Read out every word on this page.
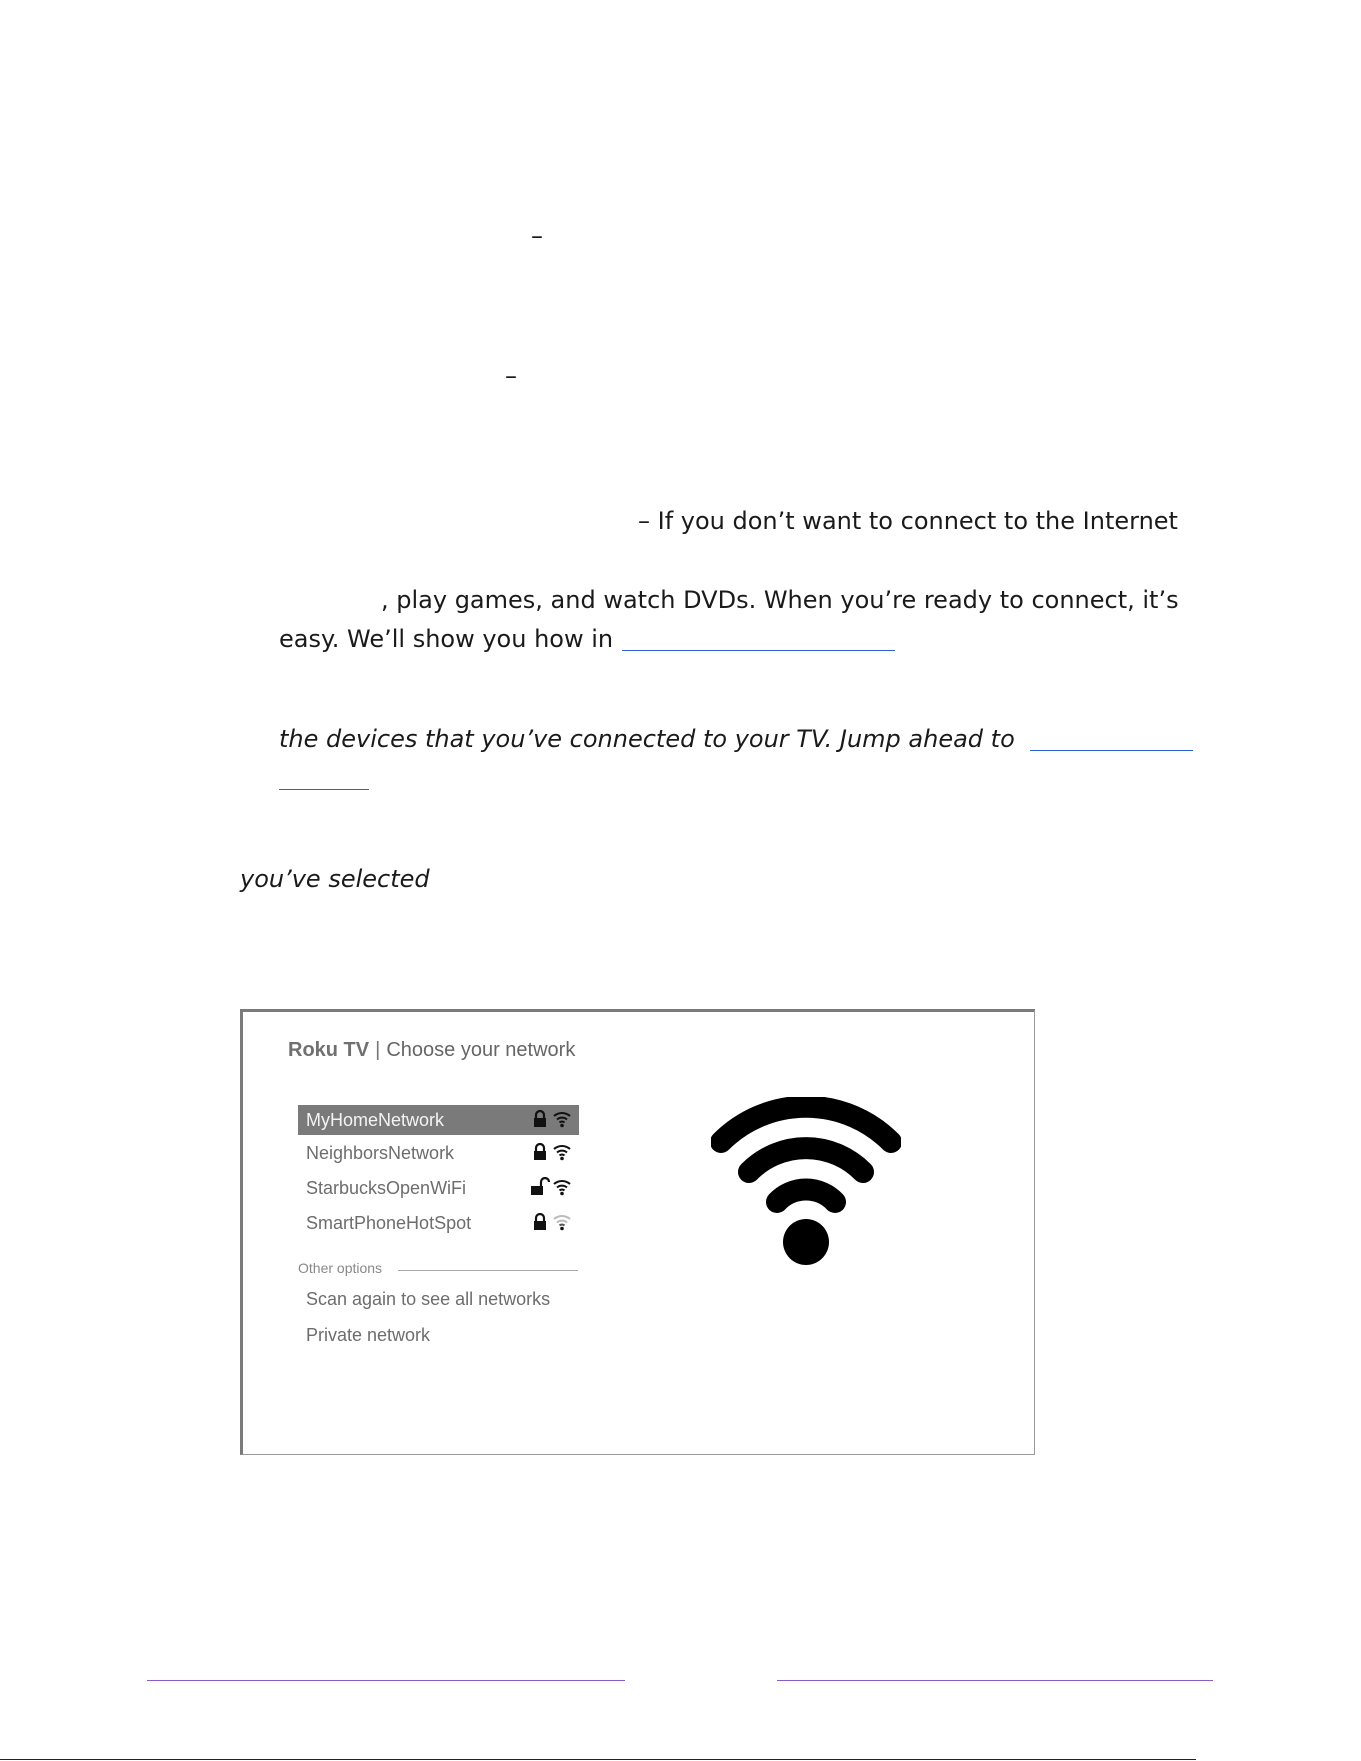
–
–
– If you don’t want to connect to the Internet
, play games, and watch DVDs. When you’re ready to connect, it’s
easy. We’ll show you how in
the devices that you’ve connected to your TV. Jump ahead to
you’ve selected
Roku TV | Choose your network
MyHomeNetwork
NeighborsNetwork
StarbucksOpenWiFi
SmartPhoneHotSpot
Other options
Scan again to see all networks
Private network
